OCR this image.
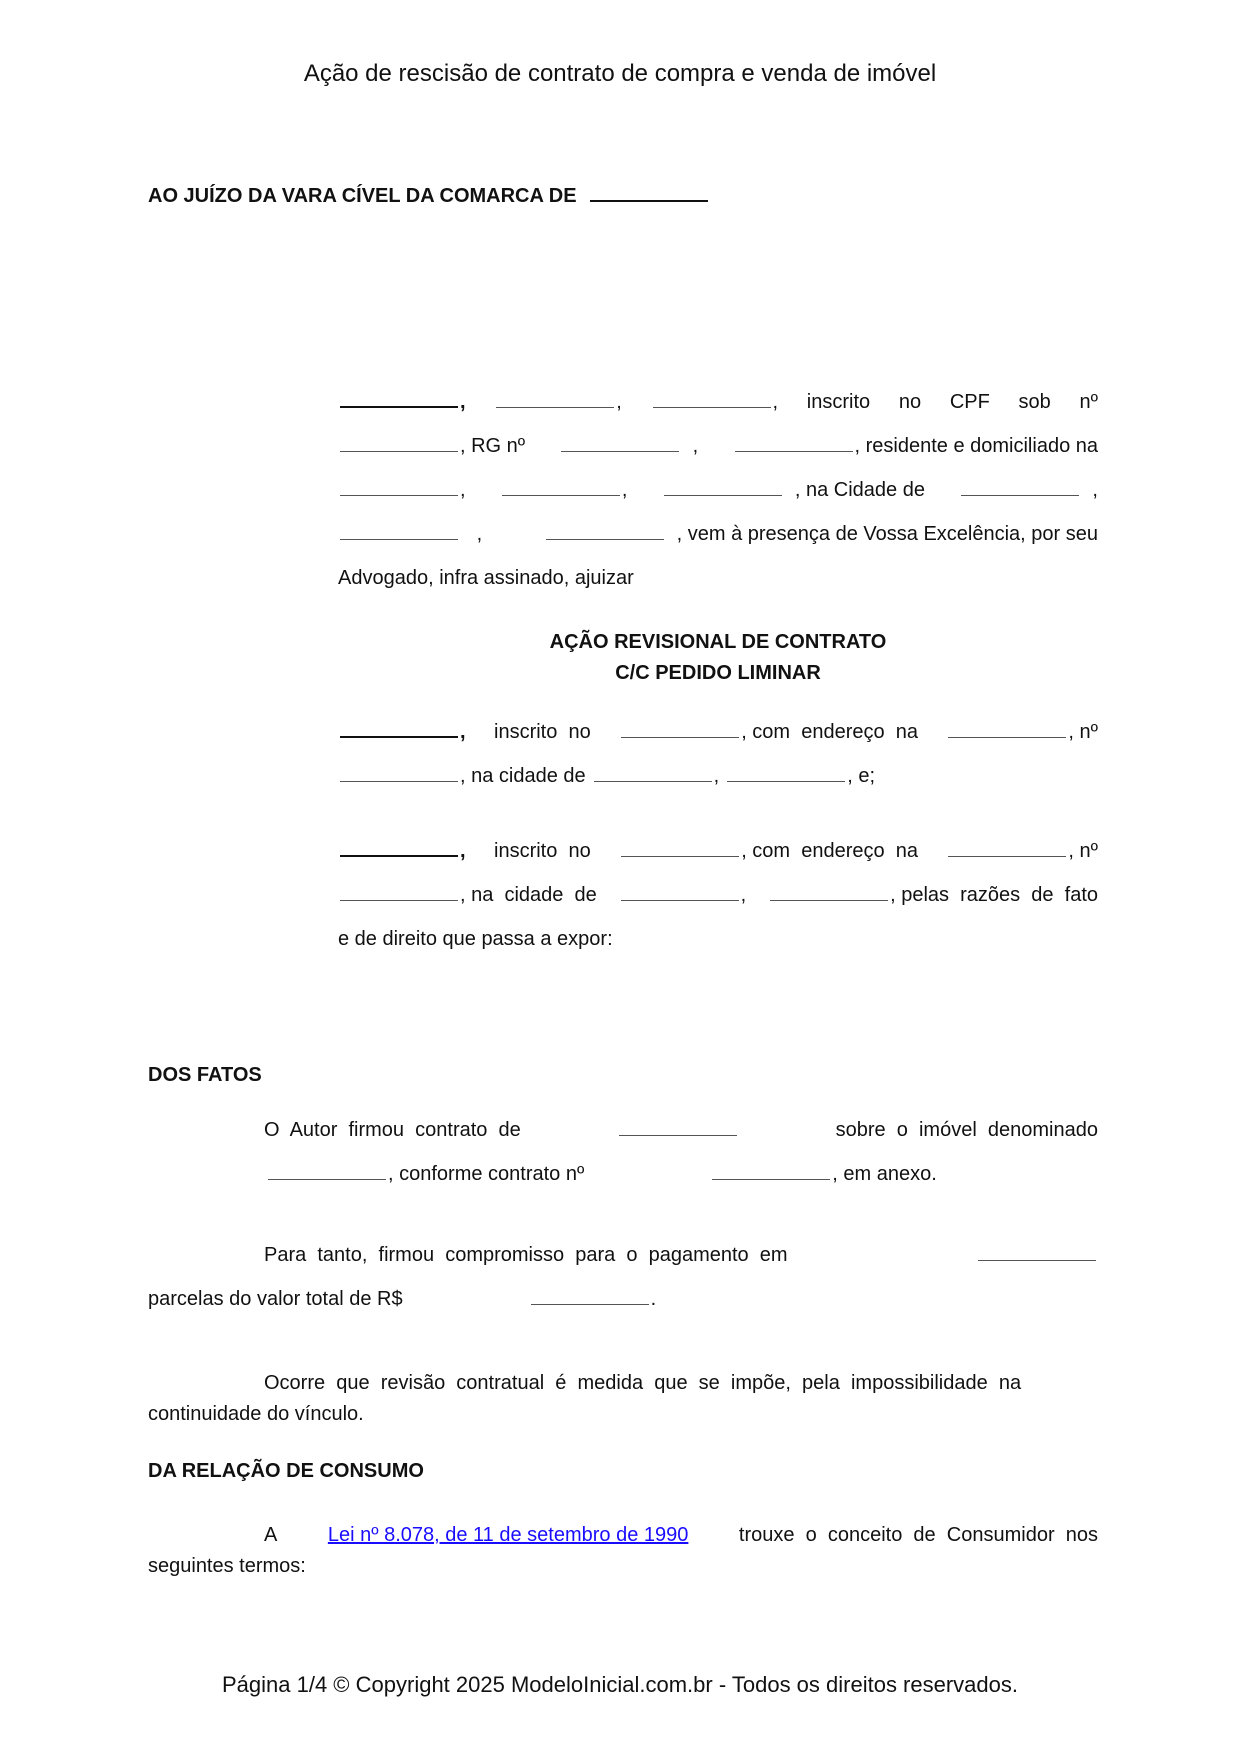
Ação de rescisão de contrato de compra e venda de imóvel
AO JUÍZO DA VARA CÍVEL DA COMARCA DE
,	,	, inscrito no CPF sob nº
, RG nº	,	, residente e domiciliado na
,	,	, na Cidade de	,
,	, vem à presença de Vossa Excelência, por seu
Advogado, infra assinado, ajuizar
AÇÃO REVISIONAL DE CONTRATO
C/C PEDIDO LIMINAR
, inscrito  no	, com  endereço  na	, nº
, na cidade de	,	, e;
, inscrito  no	, com  endereço  na	, nº
, na  cidade  de	,	, pelas  razões  de  fato
e de direito que passa a expor:
DOS FATOS
O  Autor  firmou  contrato  de	sobre  o  imóvel  denominado
, conforme contrato nº	, em anexo.
Para  tanto,  firmou  compromisso  para  o  pagamento  em
parcelas do valor total de R$	.
Ocorre  que  revisão  contratual  é  medida  que  se  impõe,  pela  impossibilidade  na
continuidade do vínculo.
DA RELAÇÃO DE CONSUMO
A	Lei nº 8.078, de 11 de setembro de 1990	trouxe  o  conceito  de  Consumidor  nos
seguintes termos:
Página 1/4 © Copyright 2025 ModeloInicial.com.br - Todos os direitos reservados.
